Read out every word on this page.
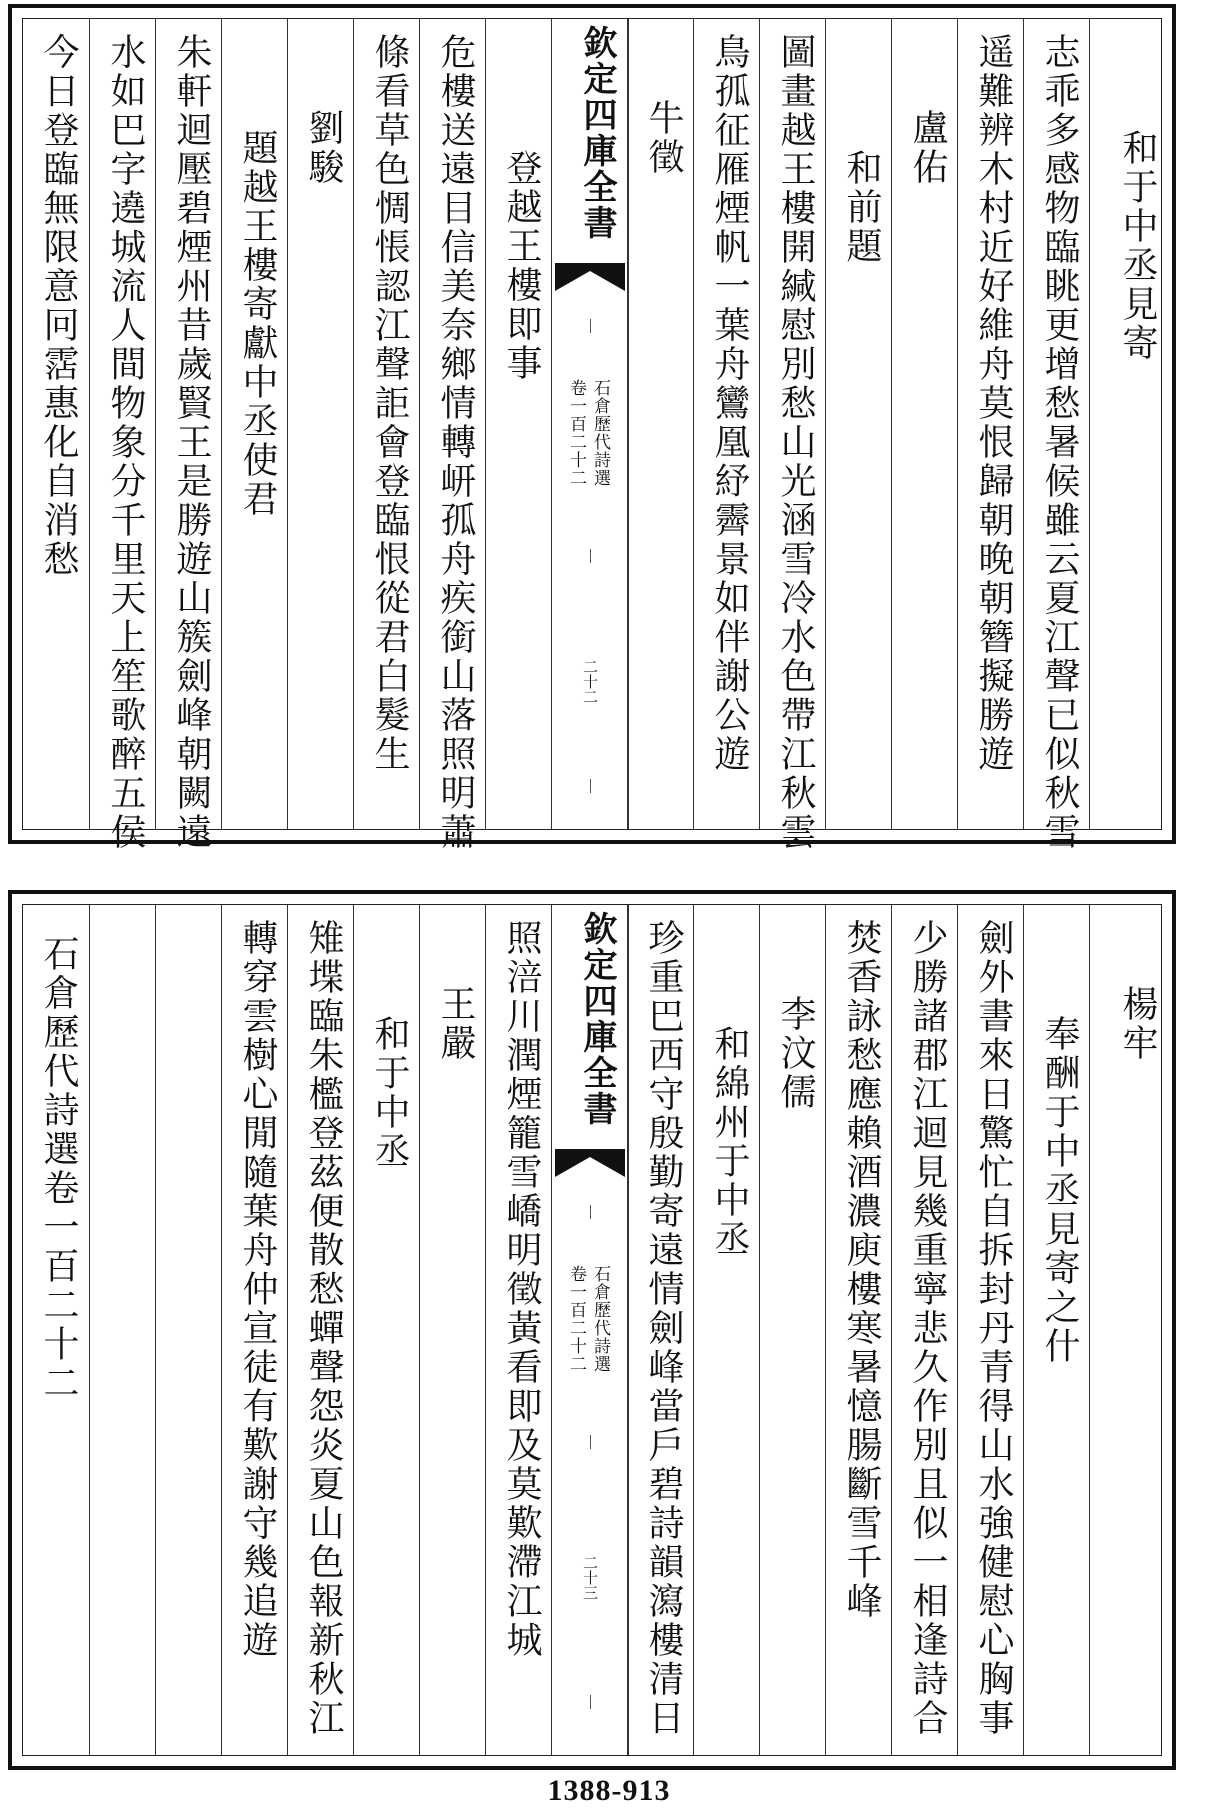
今日登臨無限意冋霑惠化自消愁 水如巴字遶城流人間物象分千里天上笙歌醉五侯 朱軒迴壓碧煙州昔歲賢王是勝遊山簇劍峰朝闕遠 題越王樓寄獻中丞使君 劉駿 條看草色惆悵認江聲詎會登臨恨從君白髮生 危樓送遠目信美奈鄉情轉岍孤舟疾銜山落照明蕭 登越王樓即事
欽定四庫全書
石倉歷代詩選
卷一百二十二
二十二
牛徵 鳥孤征雁煙帆一葉舟鸞凰紓霽景如伴謝公遊 圖畫越王樓開緘慰別愁山光涵雪冷水色帶江秋雲 和前題
盧佑 遥難辨木村近好維舟莫恨歸朝晚朝簪擬勝遊 志乖多感物臨眺更增愁暑候雖云夏江聲已似秋雪	和于中丞見寄
石倉歷代詩選卷一百二十二	轉穿雲樹心閒隨葉舟仲宣徒有歎謝守幾追遊 雉堞臨朱檻登茲便散愁蟬聲怨炎夏山色報新秋江 和于中丞 王嚴 照涪川潤煙籠雪嶠明徵黃看即及莫歎滯江城	欽定四庫全書
石倉歷代詩選
卷一百二十二
二十三	珍重巴西守殷勤寄遠情劍峰當戶碧詩韻瀉樓清日 和綿州于中丞 李汶儒 焚香詠愁應賴酒濃庾樓寒暑憶腸斷雪千峰 少勝諸郡江迴見幾重寧悲久作別且似一相逢詩合 劍外書來日驚忙自拆封丹青得山水強健慰心胸事 奉酬于中丞見寄之什	楊牢
1388-913
